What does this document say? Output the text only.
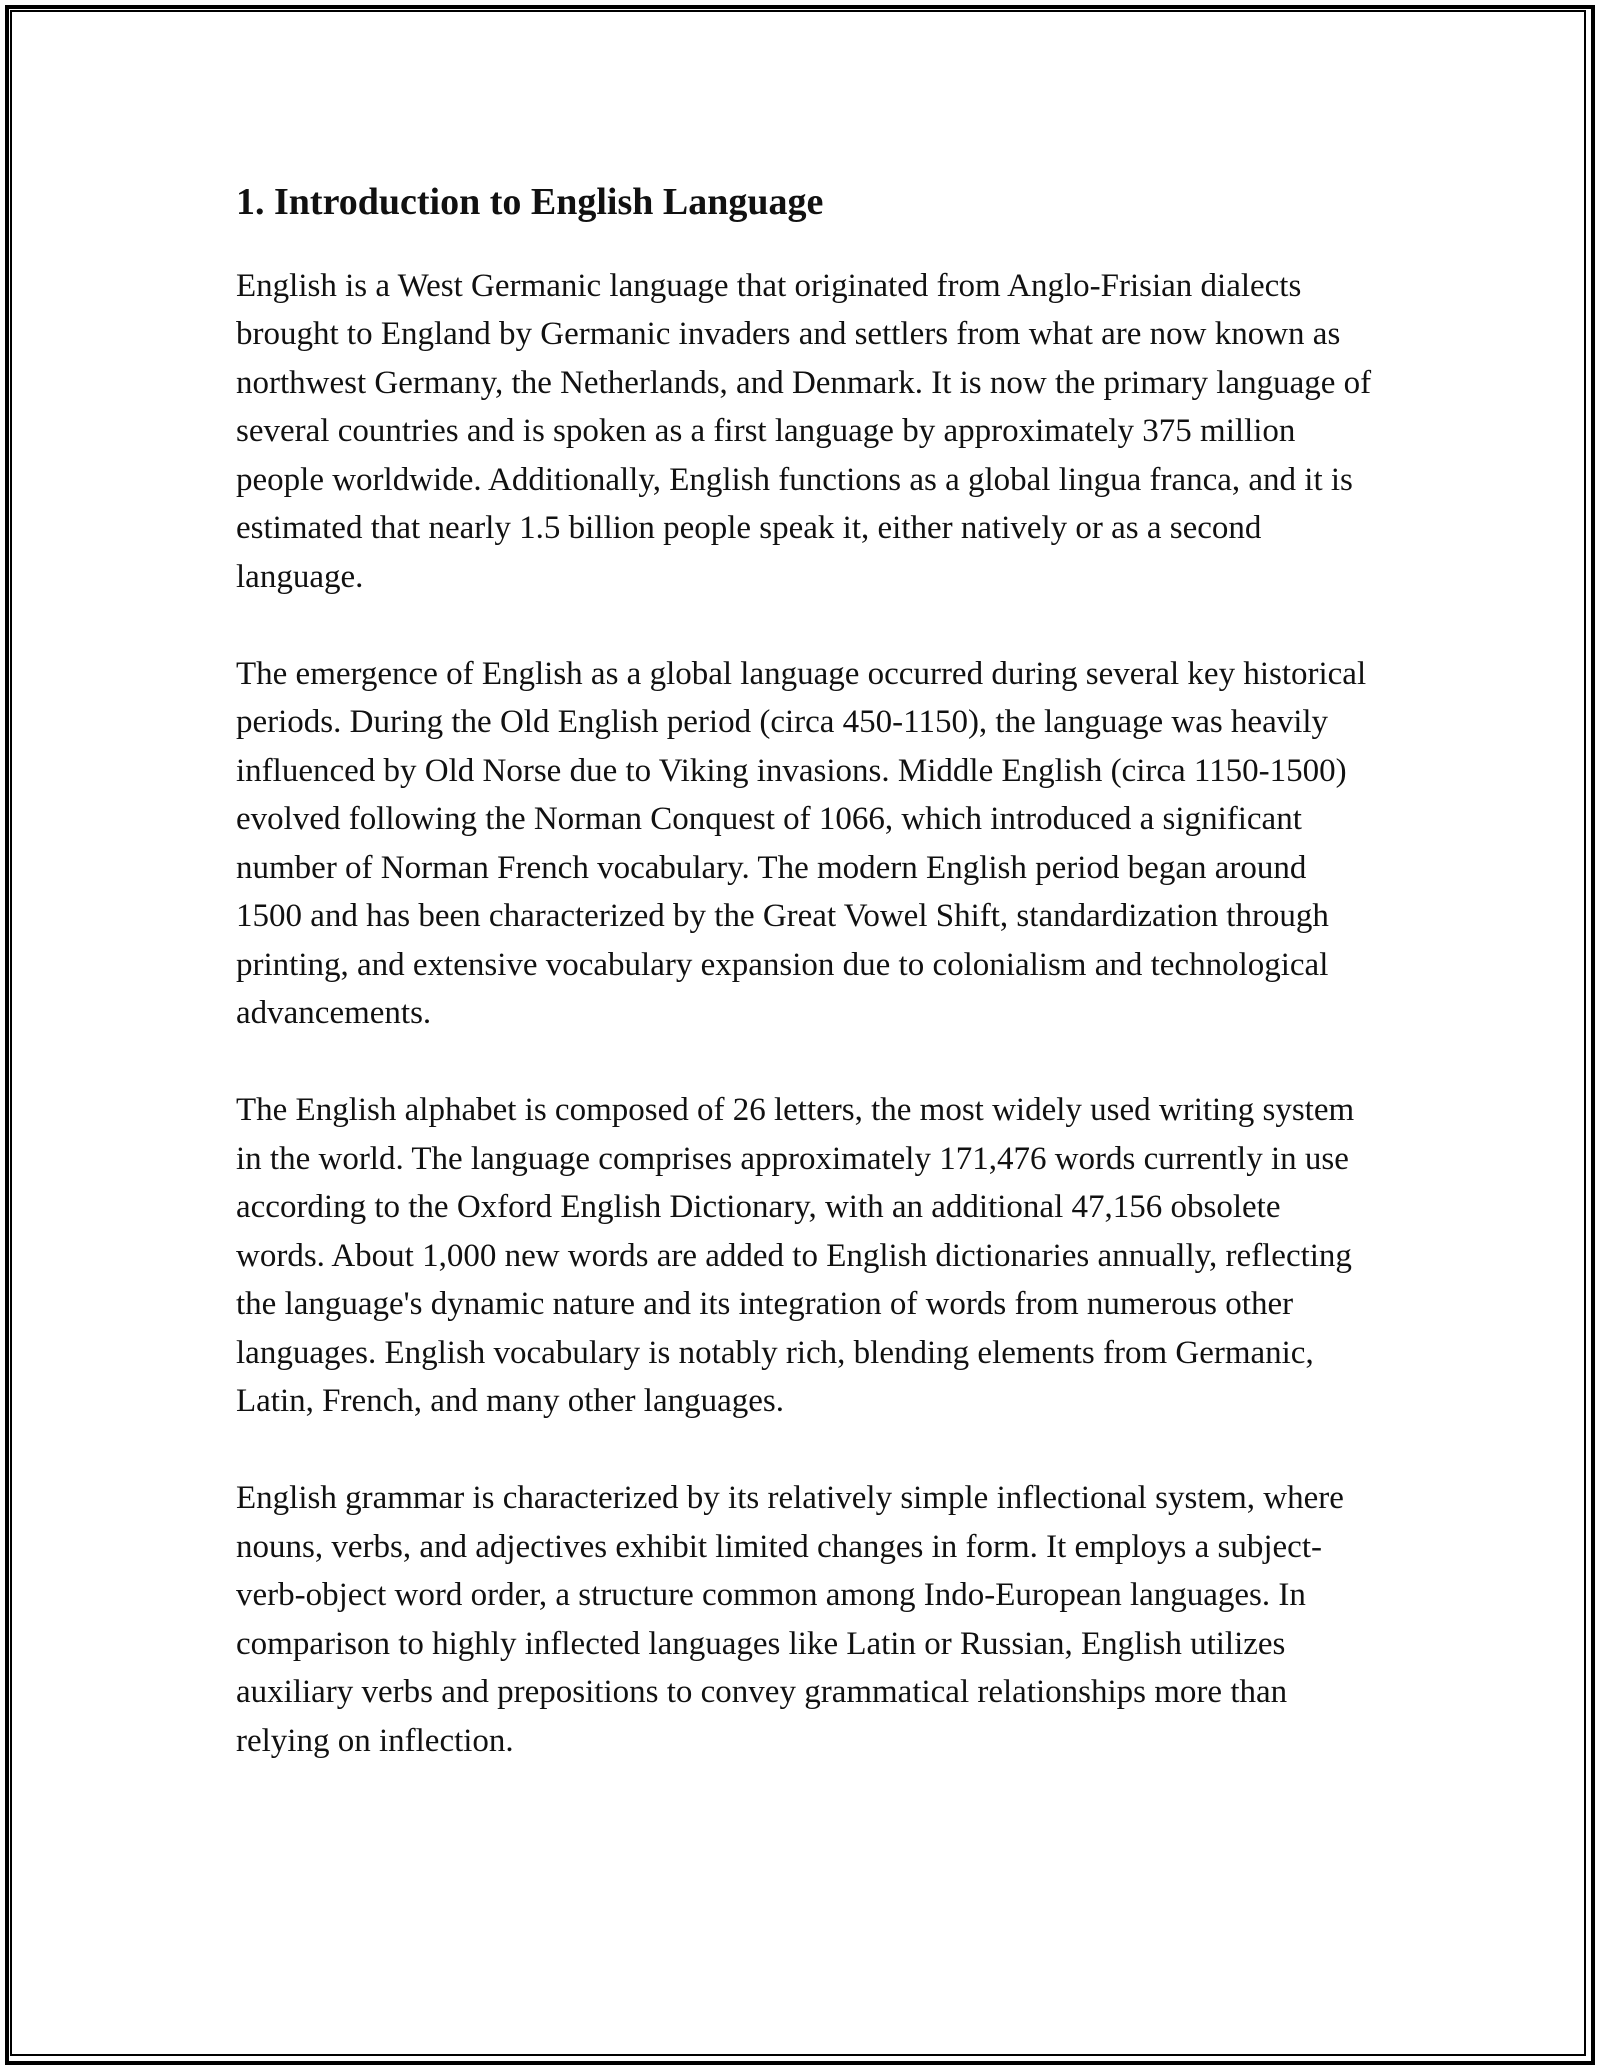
1. Introduction to English Language

English is a West Germanic language that originated from Anglo-Frisian dialects brought to England by Germanic invaders and settlers from what are now known as northwest Germany, the Netherlands, and Denmark. It is now the primary language of several countries and is spoken as a first language by approximately 375 million people worldwide. Additionally, English functions as a global lingua franca, and it is estimated that nearly 1.5 billion people speak it, either natively or as a second language.

The emergence of English as a global language occurred during several key historical periods. During the Old English period (circa 450-1150), the language was heavily influenced by Old Norse due to Viking invasions. Middle English (circa 1150-1500) evolved following the Norman Conquest of 1066, which introduced a significant number of Norman French vocabulary. The modern English period began around 1500 and has been characterized by the Great Vowel Shift, standardization through printing, and extensive vocabulary expansion due to colonialism and technological advancements.

The English alphabet is composed of 26 letters, the most widely used writing system in the world. The language comprises approximately 171,476 words currently in use according to the Oxford English Dictionary, with an additional 47,156 obsolete words. About 1,000 new words are added to English dictionaries annually, reflecting the language's dynamic nature and its integration of words from numerous other languages. English vocabulary is notably rich, blending elements from Germanic, Latin, French, and many other languages.

English grammar is characterized by its relatively simple inflectional system, where nouns, verbs, and adjectives exhibit limited changes in form. It employs a subject-verb-object word order, a structure common among Indo-European languages. In comparison to highly inflected languages like Latin or Russian, English utilizes auxiliary verbs and prepositions to convey grammatical relationships more than relying on inflection.
